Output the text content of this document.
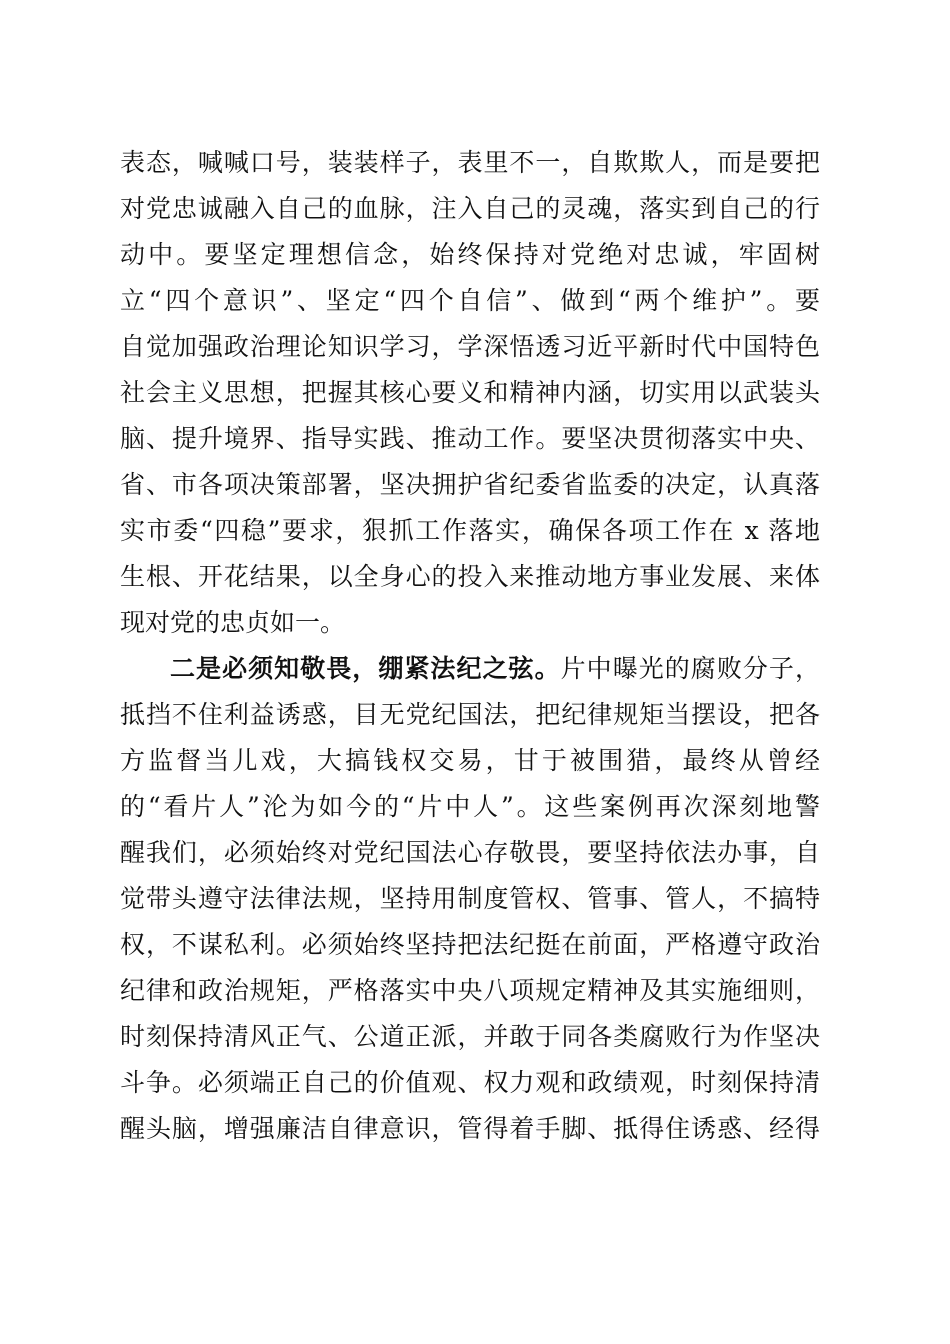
表态，喊喊口号，装装样子，表里不一，自欺欺人，而是要把
对党忠诚融入自己的血脉，注入自己的灵魂，落实到自己的行
动中。要坚定理想信念，始终保持对党绝对忠诚，牢固树
立“四个意识”、坚定“四个自信”、做到“两个维护”。要
自觉加强政治理论知识学习，学深悟透习近平新时代中国特色
社会主义思想，把握其核心要义和精神内涵，切实用以武装头
脑、提升境界、指导实践、推动工作。要坚决贯彻落实中央、
省、市各项决策部署，坚决拥护省纪委省监委的决定，认真落
实市委“四稳”要求，狠抓工作落实，确保各项工作在 x 落地
生根、开花结果，以全身心的投入来推动地方事业发展、来体
现对党的忠贞如一。
二是必须知敬畏，绷紧法纪之弦。片中曝光的腐败分子，
抵挡不住利益诱惑，目无党纪国法，把纪律规矩当摆设，把各
方监督当儿戏，大搞钱权交易，甘于被围猎，最终从曾经
的“看片人”沦为如今的“片中人”。这些案例再次深刻地警
醒我们，必须始终对党纪国法心存敬畏，要坚持依法办事，自
觉带头遵守法律法规，坚持用制度管权、管事、管人，不搞特
权，不谋私利。必须始终坚持把法纪挺在前面，严格遵守政治
纪律和政治规矩，严格落实中央八项规定精神及其实施细则，
时刻保持清风正气、公道正派，并敢于同各类腐败行为作坚决
斗争。必须端正自己的价值观、权力观和政绩观，时刻保持清
醒头脑，增强廉洁自律意识，管得着手脚、抵得住诱惑、经得
